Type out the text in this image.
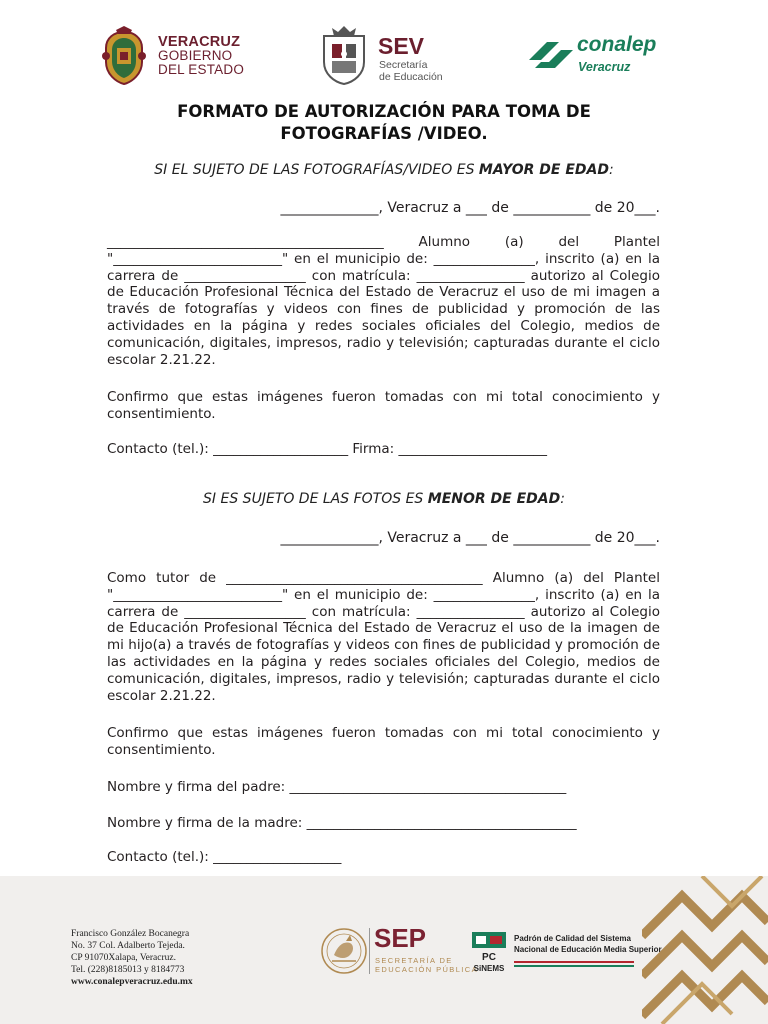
VERACRUZ
GOBIERNO
DEL ESTADO
SEV
Secretaría
de Educación
conalep
Veracruz
FORMATO DE AUTORIZACIÓN PARA TOMA DE
FOTOGRAFÍAS /VIDEO.
SI EL SUJETO DE LAS FOTOGRAFÍAS/VIDEO ES MAYOR DE EDAD:
______________, Veracruz a ___ de ___________ de 20___.
_________________________________________ Alumno (a) del Plantel "_________________________" en el municipio de: _______________, inscrito (a) en la carrera de __________________ con matrícula: ________________ autorizo al Colegio de Educación Profesional Técnica del Estado de Veracruz el uso de mi imagen a través de fotografías y videos con fines de publicidad y promoción de las actividades en la página y redes sociales oficiales del Colegio, medios de comunicación, digitales, impresos, radio y televisión; capturadas durante el ciclo escolar 2.21.22.
Confirmo que estas imágenes fueron tomadas con mi total conocimiento y consentimiento.
Contacto (tel.): ____________________ Firma: ______________________
SI ES SUJETO DE LAS FOTOS ES MENOR DE EDAD:
______________, Veracruz a ___ de ___________ de 20___.
Como tutor de ______________________________________ Alumno (a) del Plantel "_________________________" en el municipio de: _______________, inscrito (a) en la carrera de __________________ con matrícula: ________________ autorizo al Colegio de Educación Profesional Técnica del Estado de Veracruz el uso de la imagen de mi hijo(a) a través de fotografías y videos con fines de publicidad y promoción de las actividades en la página y redes sociales oficiales del Colegio, medios de comunicación, digitales, impresos, radio y televisión; capturadas durante el ciclo escolar 2.21.22.
Confirmo que estas imágenes fueron tomadas con mi total conocimiento y consentimiento.
Nombre y firma del padre: _________________________________________
Nombre y firma de la madre: ________________________________________
Contacto (tel.): ___________________
Francisco González Bocanegra
No. 37 Col. Adalberto Tejeda.
CP 91070Xalapa, Veracruz.
Tel. (228)8185013 y 8184773
www.conalepveracruz.edu.mx
SEP
SECRETARÍA DE
EDUCACIÓN PÚBLICA
PC
SiNEMS
Padrón de Calidad del Sistema
Nacional de Educación Media Superior
